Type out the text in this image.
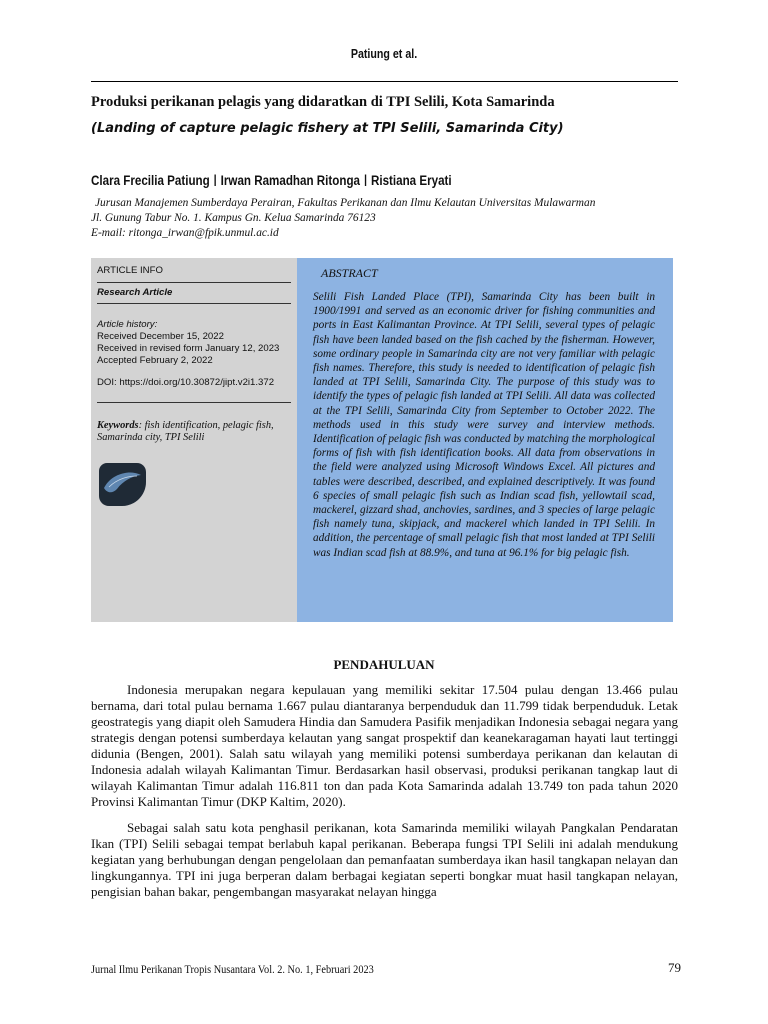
Patiung et al.
Produksi perikanan pelagis yang didaratkan di TPI Selili, Kota Samarinda
(Landing of capture pelagic fishery at TPI Selili, Samarinda City)
Clara Frecilia Patiung I Irwan Ramadhan Ritonga I Ristiana Eryati
Jurusan Manajemen Sumberdaya Perairan, Fakultas Perikanan dan Ilmu Kelautan Universitas Mulawarman
Jl. Gunung Tabur No. 1. Kampus Gn. Kelua Samarinda 76123
E-mail: ritonga_irwan@fpik.unmul.ac.id
ARTICLE INFO
Research Article
Article history:
Received December 15, 2022
Received in revised form January 12, 2023
Accepted February 2, 2022
DOI: https://doi.org/10.30872/jipt.v2i1.372
Keywords: fish identification, pelagic fish, Samarinda city, TPI Selili
ABSTRACT
Selili Fish Landed Place (TPI), Samarinda City has been built in 1900/1991 and served as an economic driver for fishing communities and ports in East Kalimantan Province. At TPI Selili, several types of pelagic fish have been landed based on the fish cached by the fisherman. However, some ordinary people in Samarinda city are not very familiar with pelagic fish names. Therefore, this study is needed to identification of pelagic fish landed at TPI Selili, Samarinda City. The purpose of this study was to identify the types of pelagic fish landed at TPI Selili. All data was collected at the TPI Selili, Samarinda City from September to October 2022. The methods used in this study were survey and interview methods. Identification of pelagic fish was conducted by matching the morphological forms of fish with fish identification books. All data from observations in the field were analyzed using Microsoft Windows Excel. All pictures and tables were described, described, and explained descriptively. It was found 6 species of small pelagic fish such as Indian scad fish, yellowtail scad, mackerel, gizzard shad, anchovies, sardines, and 3 species of large pelagic fish namely tuna, skipjack, and mackerel which landed in TPI Selili. In addition, the percentage of small pelagic fish that most landed at TPI Selili was Indian scad fish at 88.9%, and tuna at 96.1% for big pelagic fish.
PENDAHULUAN
Indonesia merupakan negara kepulauan yang memiliki sekitar 17.504 pulau dengan 13.466 pulau bernama, dari total pulau bernama 1.667 pulau diantaranya berpenduduk dan 11.799 tidak berpenduduk. Letak geostrategis yang diapit oleh Samudera Hindia dan Samudera Pasifik menjadikan Indonesia sebagai negara yang strategis dengan potensi sumberdaya kelautan yang sangat prospektif dan keanekaragaman hayati laut tertinggi didunia (Bengen, 2001). Salah satu wilayah yang memiliki potensi sumberdaya perikanan dan kelautan di Indonesia adalah wilayah Kalimantan Timur. Berdasarkan hasil observasi, produksi perikanan tangkap laut di wilayah Kalimantan Timur adalah 116.811 ton dan pada Kota Samarinda adalah 13.749 ton pada tahun 2020 Provinsi Kalimantan Timur (DKP Kaltim, 2020).
Sebagai salah satu kota penghasil perikanan, kota Samarinda memiliki wilayah Pangkalan Pendaratan Ikan (TPI) Selili sebagai tempat berlabuh kapal perikanan. Beberapa fungsi TPI Selili ini adalah mendukung kegiatan yang berhubungan dengan pengelolaan dan pemanfaatan sumberdaya ikan hasil tangkapan nelayan dan lingkungannya. TPI ini juga berperan dalam berbagai kegiatan seperti bongkar muat hasil tangkapan nelayan, pengisian bahan bakar, pengembangan masyarakat nelayan hingga
Jurnal Ilmu Perikanan Tropis Nusantara Vol. 2. No. 1, Februari 2023	79
